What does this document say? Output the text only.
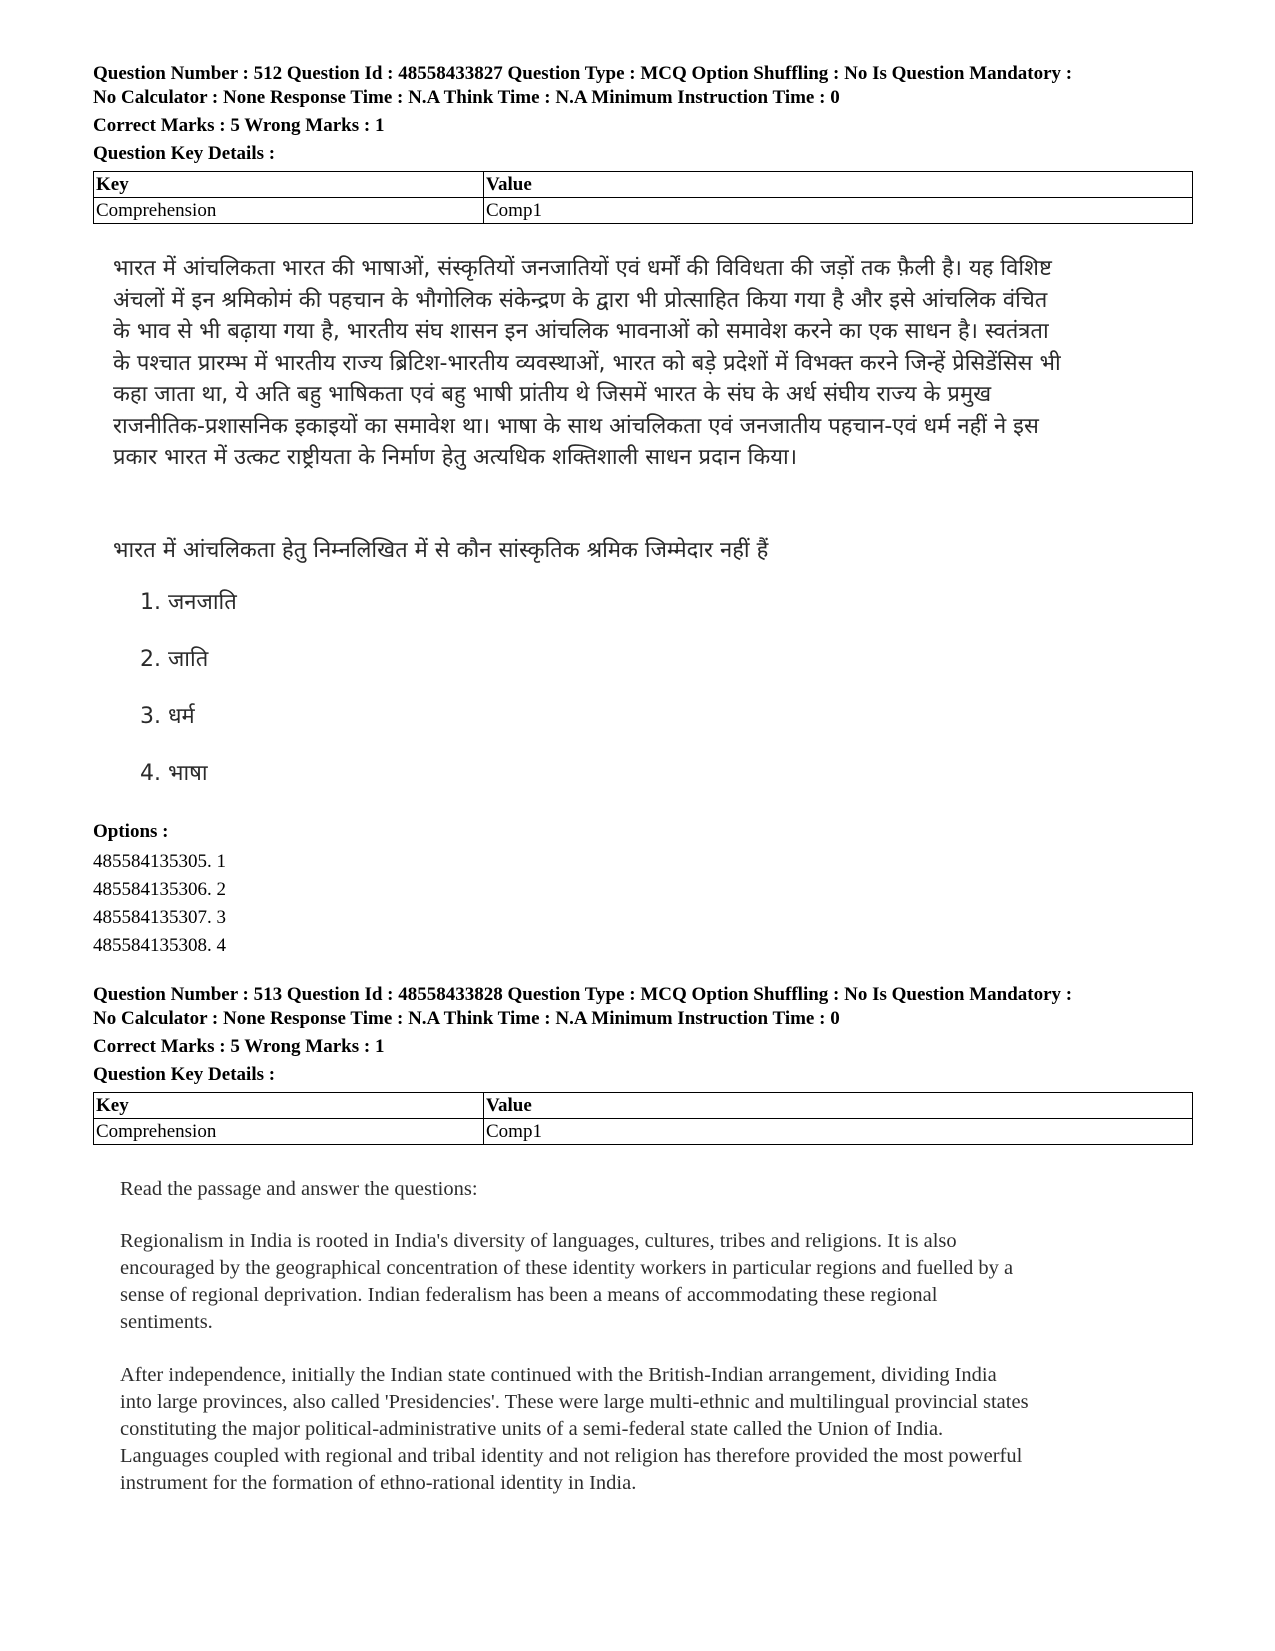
Question Number : 512 Question Id : 48558433827 Question Type : MCQ Option Shuffling : No Is Question Mandatory :

No Calculator : None Response Time : N.A Think Time : N.A Minimum Instruction Time : 0

Correct Marks : 5 Wrong Marks : 1

Question Key Details :

Key	Value
Comprehension	Comp1
भारत में आंचलिकता भारत की भाषाओं, संस्कृतियों जनजातियों एवं धर्मों की विविधता की जड़ों तक फ़ैली है। यह विशिष्ट
अंचलों में इन श्रमिकोमं की पहचान के भौगोलिक संकेन्द्रण के द्वारा भी प्रोत्साहित किया गया है और इसे आंचलिक वंचित
के भाव से भी बढ़ाया गया है, भारतीय संघ शासन इन आंचलिक भावनाओं को समावेश करने का एक साधन है। स्वतंत्रता
के पश्चात प्रारम्भ में भारतीय राज्य ब्रिटिश-भारतीय व्यवस्थाओं, भारत को बड़े प्रदेशों में विभक्त करने जिन्हें प्रेसिडेंसिस भी
कहा जाता था, ये अति बहु भाषिकता एवं बहु भाषी प्रांतीय थे जिसमें भारत के संघ के अर्ध संघीय राज्य के प्रमुख
राजनीतिक-प्रशासनिक इकाइयों का समावेश था। भाषा के साथ आंचलिकता एवं जनजातीय पहचान-एवं धर्म नहीं ने इस
प्रकार भारत में उत्कट राष्ट्रीयता के निर्माण हेतु अत्यधिक शक्तिशाली साधन प्रदान किया।
भारत में आंचलिकता हेतु निम्नलिखित में से कौन सांस्कृतिक श्रमिक जिम्मेदार नहीं हैं
1. जनजाति
2. जाति
3. धर्म
4. भाषा
Options :
485584135305. 1
485584135306. 2
485584135307. 3
485584135308. 4

Question Number : 513 Question Id : 48558433828 Question Type : MCQ Option Shuffling : No Is Question Mandatory :

No Calculator : None Response Time : N.A Think Time : N.A Minimum Instruction Time : 0

Correct Marks : 5 Wrong Marks : 1

Question Key Details :

Key	Value
Comprehension	Comp1
Read the passage and answer the questions:

Regionalism in India is rooted in India's diversity of languages, cultures, tribes and religions. It is also

encouraged by the geographical concentration of these identity workers in particular regions and fuelled by a

sense of regional deprivation. Indian federalism has been a means of accommodating these regional

sentiments.

After independence, initially the Indian state continued with the British-Indian arrangement, dividing India

into large provinces, also called 'Presidencies'. These were large multi-ethnic and multilingual provincial states

constituting the major political-administrative units of a semi-federal state called the Union of India.

Languages coupled with regional and tribal identity and not religion has therefore provided the most powerful

instrument for the formation of ethno-rational identity in India.
